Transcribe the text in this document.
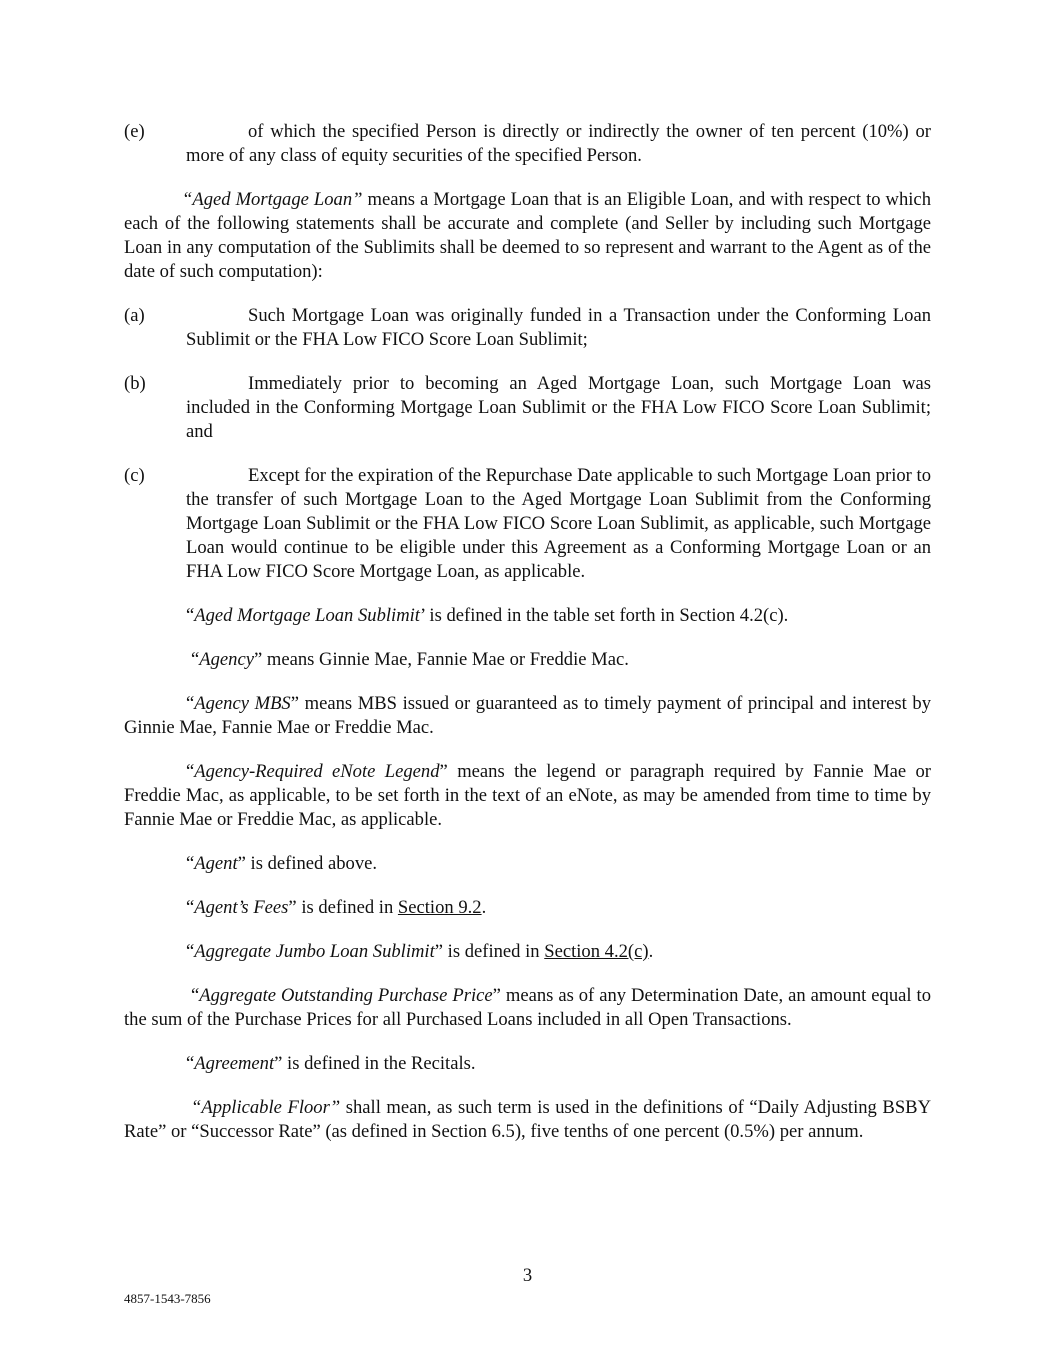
(e)	of which the specified Person is directly or indirectly the owner of ten percent (10%) or more of any class of equity securities of the specified Person.

“Aged Mortgage Loan” means a Mortgage Loan that is an Eligible Loan, and with respect to which each of the following statements shall be accurate and complete (and Seller by including such Mortgage Loan in any computation of the Sublimits shall be deemed to so represent and warrant to the Agent as of the date of such computation):

(a)	Such Mortgage Loan was originally funded in a Transaction under the Conforming Loan Sublimit or the FHA Low FICO Score Loan Sublimit;

(b)	Immediately prior to becoming an Aged Mortgage Loan, such Mortgage Loan was included in the Conforming Mortgage Loan Sublimit or the FHA Low FICO Score Loan Sublimit; and

(c)	Except for the expiration of the Repurchase Date applicable to such Mortgage Loan prior to the transfer of such Mortgage Loan to the Aged Mortgage Loan Sublimit from the Conforming Mortgage Loan Sublimit or the FHA Low FICO Score Loan Sublimit, as applicable, such Mortgage Loan would continue to be eligible under this Agreement as a Conforming Mortgage Loan or an FHA Low FICO Score Mortgage Loan, as applicable.

“Aged Mortgage Loan Sublimit’ is defined in the table set forth in Section 4.2(c).

“Agency” means Ginnie Mae, Fannie Mae or Freddie Mac.

“Agency MBS” means MBS issued or guaranteed as to timely payment of principal and interest by Ginnie Mae, Fannie Mae or Freddie Mac.

“Agency-Required eNote Legend” means the legend or paragraph required by Fannie Mae or Freddie Mac, as applicable, to be set forth in the text of an eNote, as may be amended from time to time by Fannie Mae or Freddie Mac, as applicable.

“Agent” is defined above.

“Agent’s Fees” is defined in Section 9.2.

“Aggregate Jumbo Loan Sublimit” is defined in Section 4.2(c).

“Aggregate Outstanding Purchase Price” means as of any Determination Date, an amount equal to the sum of the Purchase Prices for all Purchased Loans included in all Open Transactions.

“Agreement” is defined in the Recitals.

“Applicable Floor” shall mean, as such term is used in the definitions of “Daily Adjusting BSBY Rate” or “Successor Rate” (as defined in Section 6.5), five tenths of one percent (0.5%) per annum.

3
4857-1543-7856
